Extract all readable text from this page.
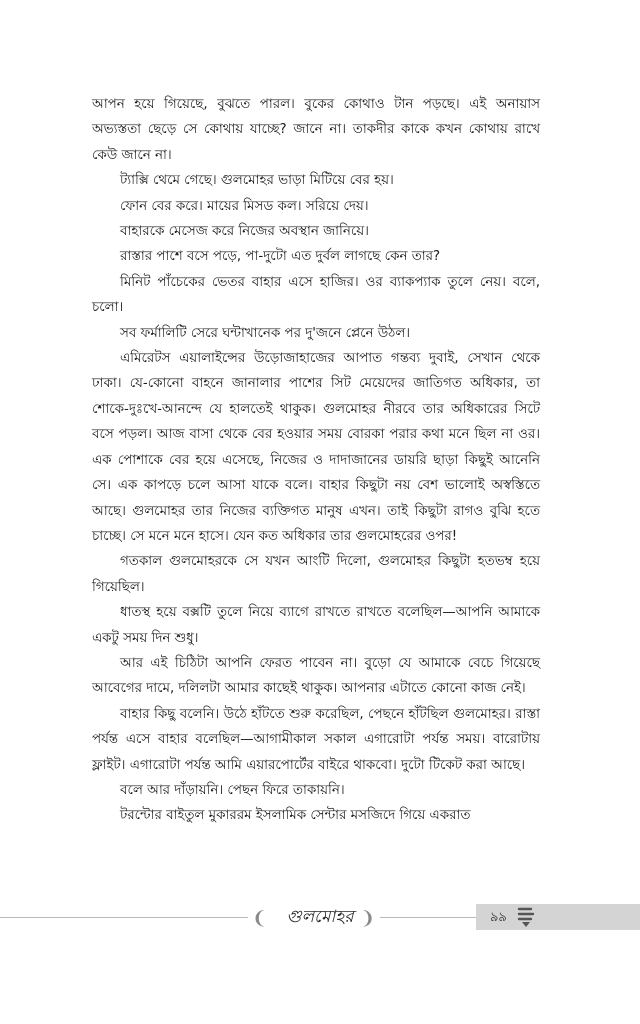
আপন হয়ে গিয়েছে, বুঝতে পারল। বুকের কোথাও টান পড়ছে। এই অনায়াস অভ্যস্ততা ছেড়ে সে কোথায় যাচ্ছে? জানে না। তাকদীর কাকে কখন কোথায় রাখে কেউ জানে না।

ট্যাক্সি থেমে গেছে। গুলমোহর ভাড়া মিটিয়ে বের হয়।

ফোন বের করে। মায়ের মিসড কল। সরিয়ে দেয়।

বাহারকে মেসেজ করে নিজের অবস্থান জানিয়ে।

রাস্তার পাশে বসে পড়ে, পা-দুটো এত দুর্বল লাগছে কেন তার?

মিনিট পাঁচেকের ভেতর বাহার এসে হাজির। ওর ব্যাকপ্যাক তুলে নেয়। বলে, চলো।

সব ফর্মালিটি সেরে ঘন্টাখানেক পর দু'জনে প্লেনে উঠল।

এমিরেটস এয়ালাইন্সের উড়োজাহাজের আপাত গন্তব্য দুবাই, সেখান থেকে ঢাকা। যে-কোনো বাহনে জানালার পাশের সিট মেয়েদের জাতিগত অধিকার, তা শোকে-দুঃখে-আনন্দে যে হালতেই থাকুক। গুলমোহর নীরবে তার অধিকারের সিটে বসে পড়ল। আজ বাসা থেকে বের হওয়ার সময় বোরকা পরার কথা মনে ছিল না ওর। এক পোশাকে বের হয়ে এসেছে, নিজের ও দাদাজানের ডায়রি ছাড়া কিছুই আনেনি সে। এক কাপড়ে চলে আসা যাকে বলে। বাহার কিছুটা নয় বেশ ভালোই অস্বস্তিতে আছে। গুলমোহর তার নিজের ব্যক্তিগত মানুষ এখন। তাই কিছুটা রাগও বুঝি হতে চাচ্ছে। সে মনে মনে হাসে। যেন কত অধিকার তার গুলমোহরের ওপর!

গতকাল গুলমোহরকে সে যখন আংটি দিলো, গুলমোহর কিছুটা হতভম্ব হয়ে গিয়েছিল।

ধাতস্থ হয়ে বক্সটি তুলে নিয়ে ব্যাগে রাখতে রাখতে বলেছিল—আপনি আমাকে একটু সময় দিন শুধু।

আর এই চিঠিটা আপনি ফেরত পাবেন না। বুড়ো যে আমাকে বেচে গিয়েছে আবেগের দামে, দলিলটা আমার কাছেই থাকুক। আপনার এটাতে কোনো কাজ নেই।

বাহার কিছু বলেনি। উঠে হাঁটতে শুরু করেছিল, পেছনে হাঁটছিল গুলমোহর। রাস্তা পর্যন্ত এসে বাহার বলেছিল—আগামীকাল সকাল এগারোটা পর্যন্ত সময়। বারোটায় ফ্লাইট। এগারোটা পর্যন্ত আমি এয়ারপোর্টের বাইরে থাকবো। দুটো টিকেট করা আছে।

বলে আর দাঁড়ায়নি। পেছন ফিরে তাকায়নি।

টরন্টোর বাইতুল মুকাররম ইসলামিক সেন্টার মসজিদে গিয়ে একরাত

❨	গুলমোহর ❩	৯৯
